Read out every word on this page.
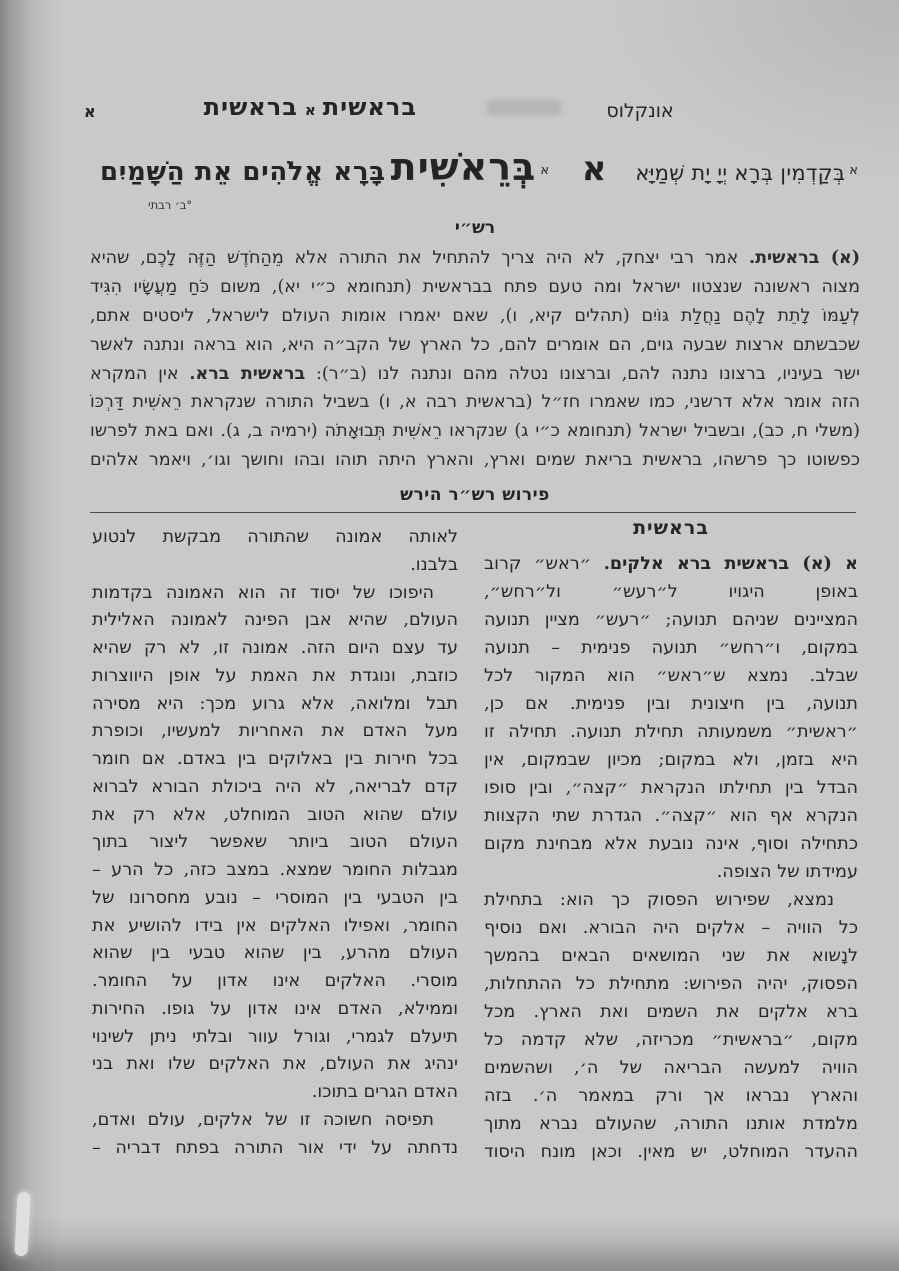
א	בראשיתאבראשית	אונקלוס
$^א$בְּקַדְמִין בְּרָא יְיָ יָת שְׁמַיָּא
א
$^א$בְּרֵאשִׁית בָּרָא אֱלֹהִים אֵת הַשָּׁמַיִם
°ב׳ רבתי
רש״י
(א) בראשית. אמר רבי יצחק, לא היה צריך להתחיל את התורה אלא מֵהַחֹדֶשׁ הַזֶּה לָכֶם, שהיא
מצוה ראשונה שנצטוו ישראל ומה טעם פתח בבראשית (תנחומא כ״י יא), משום כֹּחַ מַעֲשָׂיו הִגִּיד
לְעַמּוֹ לָתֵת לָהֶם נַחֲלַת גּוֹיִם (תהלים קיא, ו), שאם יאמרו אומות העולם לישראל, ליסטים אתם,
שכבשתם ארצות שבעה גוים, הם אומרים להם, כל הארץ של הקב״ה היא, הוא בראה ונתנה לאשר
ישר בעיניו, ברצונו נתנה להם, וברצונו נטלה מהם ונתנה לנו (ב״ר): בראשית ברא. אין המקרא
הזה אומר אלא דרשני, כמו שאמרו חז״ל (בראשית רבה א, ו) בשביל התורה שנקראת רֵאשִׁית דַּרְכּוֹ
(משלי ח, כב), ובשביל ישראל (תנחומא כ״י ג) שנקראו רֵאשִׁית תְּבוּאָתֹה (ירמיה ב, ג). ואם באת לפרשו
כפשוטו כך פרשהו, בראשית בריאת שמים וארץ, והארץ היתה תוהו ובהו וחושך וגו׳, ויאמר אלהים
פירוש רש״ר הירש
בראשית
א (א) בראשית ברא אלקים. ״ראש״ קרוב
באופן היגויו ל״רעש״ ול״רחש״,
המציינים שניהם תנועה; ״רעש״ מציין תנועה
במקום, ו״רחש״ תנועה פנימית – תנועה
שבלב. נמצא ש״ראש״ הוא המקור לכל
תנועה, בין חיצונית ובין פנימית. אם כן,
״ראשית״ משמעותה תחילת תנועה. תחילה זו
היא בזמן, ולא במקום; מכיון שבמקום, אין
הבדל בין תחילתו הנקראת ״קצה״, ובין סופו
הנקרא אף הוא ״קצה״. הגדרת שתי הקצוות
כתחילה וסוף, אינה נובעת אלא מבחינת מקום
עמידתו של הצופה.
נמצא, שפירוש הפסוק כך הוא: בתחילת
כל הוויה – אלקים היה הבורא. ואם נוסיף
לנָשוא את שני המושאים הבאים בהמשך
הפסוק, יהיה הפירוש: מתחילת כל ההתחלות,
ברא אלקים את השמים ואת הארץ. מכל
מקום, ״בראשית״ מכריזה, שלא קדמה כל
הוויה למעשה הבריאה של ה׳, ושהשמים
והארץ נבראו אך ורק במאמר ה׳. בזה
מלמדת אותנו התורה, שהעולם נברא מתוך
ההעדר המוחלט, יש מאין. וכאן מונח היסוד
לאותה אמונה שהתורה מבקשת לנטוע
בלבנו.
היפוכו של יסוד זה הוא האמונה בקדמות
העולם, שהיא אבן הפינה לאמונה האלילית
עד עצם היום הזה. אמונה זו, לא רק שהיא
כוזבת, ונוגדת את האמת על אופן היווצרות
תבל ומלואה, אלא גרוע מכך: היא מסירה
מעל האדם את האחריות למעשיו, וכופרת
בכל חירות בין באלוקים בין באדם. אם חומר
קדם לבריאה, לא היה ביכולת הבורא לברוא
עולם שהוא הטוב המוחלט, אלא רק את
העולם הטוב ביותר שאפשר ליצור בתוך
מגבלות החומר שמצא. במצב כזה, כל הרע –
בין הטבעי בין המוסרי – נובע מחסרונו של
החומר, ואפילו האלקים אין בידו להושיע את
העולם מהרע, בין שהוא טבעי בין שהוא
מוסרי. האלקים אינו אדון על החומר.
וממילא, האדם אינו אדון על גופו. החירות
תיעלם לגמרי, וגורל עוור ובלתי ניתן לשינוי
ינהיג את העולם, את האלקים שלו ואת בני
האדם הגרים בתוכו.
תפיסה חשוכה זו של אלקים, עולם ואדם,
נדחתה על ידי אור התורה בפתח דבריה –
